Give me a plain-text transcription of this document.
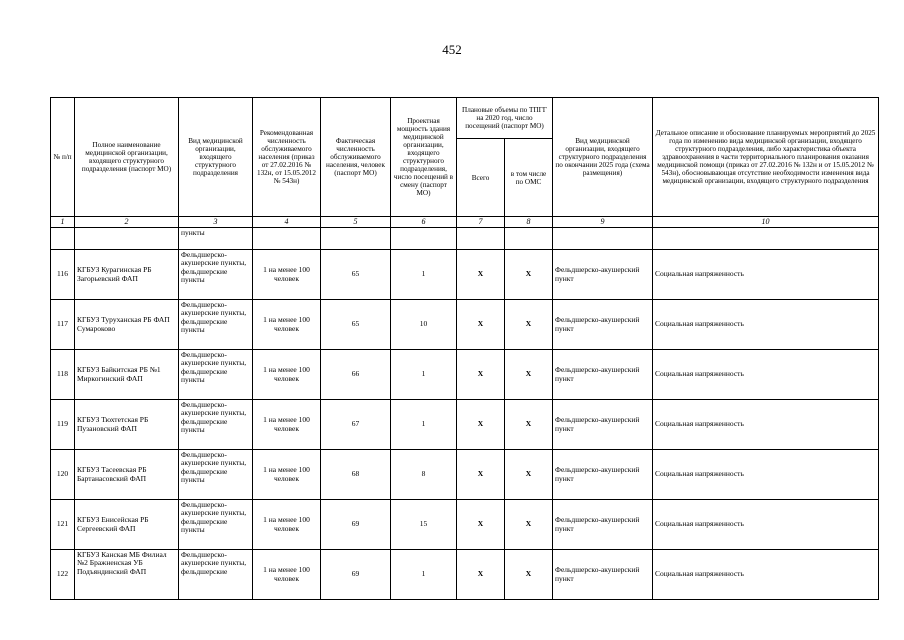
452
№ п/п	Полное наименование медицинской организации, входящего структурного подразделения (паспорт МО)	Вид медицинской организации, входящего структурного подразделения	Рекомендованная численность обслуживаемого населения (приказ от 27.02.2016 № 132н, от 15.05.2012 № 543н)	Фактическая численность обслуживаемого населения, человек (паспорт МО)	Проектная мощность здания медицинской организации, входящего структурного подразделения, число посещений в смену (паспорт МО)	Плановые объемы по ТПГГ на 2020 год, число посещений (паспорт МО)		Вид медицинской организации, входящего структурного подразделения по окончании 2025 года (схема размещения)	Детальное описание и обоснование планируемых мероприятий до 2025 года по изменению вида медицинской организации, входящего структурного подразделения, либо характеристика объекта здравоохранения в части территориального планирования оказания медицинской помощи (приказ от 27.02.2016 № 132н и от 15.05.2012 № 543н), обосновывающая отсутствие необходимости изменения вида медицинской организации, входящего структурного подразделения
						Всего	в том числе по ОМС		
1	2	3	4	5	6	7	8	9	10
		пункты							
116	КГБУЗ Курагинская РБ Загорьевский ФАП	Фельдшерско-акушерские пункты, фельдшерские пункты	1 на менее 100 человек	65	1	X	X	Фельдшерско-акушерский пункт	Социальная напряженность
117	КГБУЗ Туруханская РБ ФАП Сумароково	Фельдшерско-акушерские пункты, фельдшерские пункты	1 на менее 100 человек	65	10	X	X	Фельдшерско-акушерский пункт	Социальная напряженность
118	КГБУЗ Байкитская РБ №1 Миркогинский ФАП	Фельдшерско-акушерские пункты, фельдшерские пункты	1 на менее 100 человек	66	1	X	X	Фельдшерско-акушерский пункт	Социальная напряженность
119	КГБУЗ Тюхтетская РБ Пузановский ФАП	Фельдшерско-акушерские пункты, фельдшерские пункты	1 на менее 100 человек	67	1	X	X	Фельдшерско-акушерский пункт	Социальная напряженность
120	КГБУЗ Тасеевская РБ Бартанасовский ФАП	Фельдшерско-акушерские пункты, фельдшерские пункты	1 на менее 100 человек	68	8	X	X	Фельдшерско-акушерский пункт	Социальная напряженность
121	КГБУЗ Енисейская РБ Сергеевский ФАП	Фельдшерско-акушерские пункты, фельдшерские пункты	1 на менее 100 человек	69	15	X	X	Фельдшерско-акушерский пункт	Социальная напряженность
122	КГБУЗ Канская МБ Филиал №2 Бражненская УБ Подъяндинский ФАП	Фельдшерско-акушерские пункты, фельдшерские	1 на менее 100 человек	69	1	X	X	Фельдшерско-акушерский пункт	Социальная напряженность
